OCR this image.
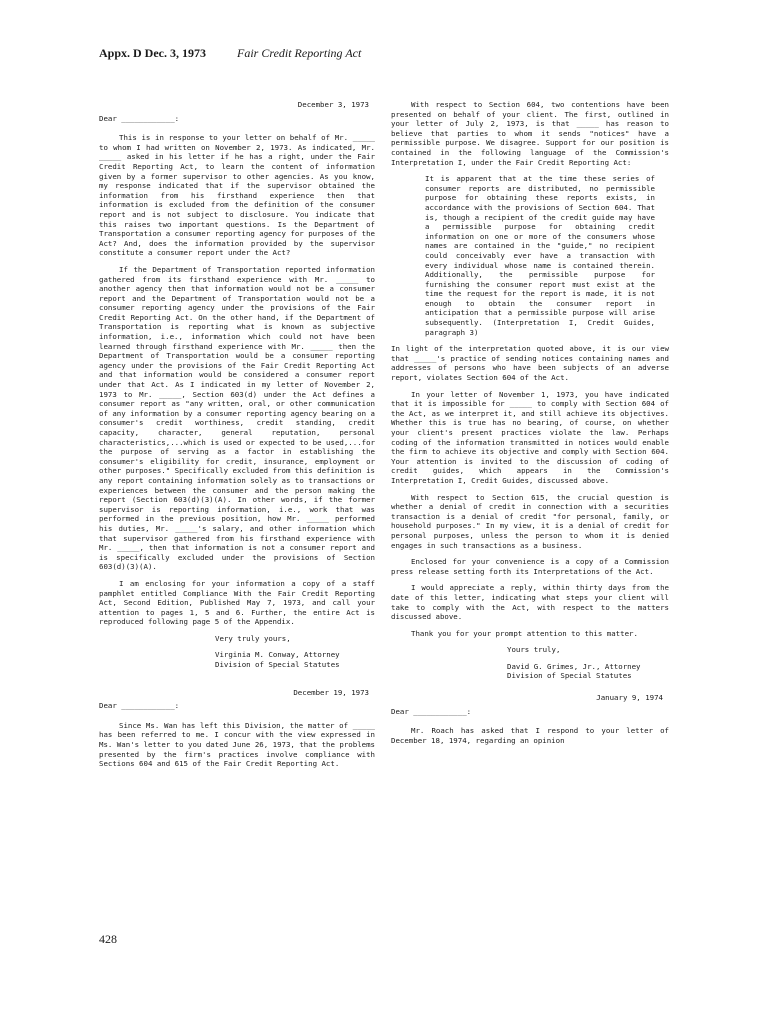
Appx. D Dec. 3, 1973	Fair Credit Reporting Act
December 3, 1973
Dear ____________:

This is in response to your letter on behalf of Mr. _____ to whom I had written on November 2, 1973. As indicated, Mr. _____ asked in his letter if he has a right, under the Fair Credit Reporting Act, to learn the content of information given by a former supervisor to other agencies. As you know, my response indicated that if the supervisor obtained the information from his firsthand experience then that information is excluded from the definition of the consumer report and is not subject to disclosure. You indicate that this raises two important questions. Is the Department of Transportation a consumer reporting agency for purposes of the Act? And, does the information provided by the supervisor constitute a consumer report under the Act?

If the Department of Transportation reported information gathered from its firsthand experience with Mr. _____ to another agency then that information would not be a consumer report and the Department of Transportation would not be a consumer reporting agency under the provisions of the Fair Credit Reporting Act. On the other hand, if the Department of Transportation is reporting what is known as subjective information, i.e., information which could not have been learned through firsthand experience with Mr. _____ then the Department of Transportation would be a consumer reporting agency under the provisions of the Fair Credit Reporting Act and that information would be considered a consumer report under that Act. As I indicated in my letter of November 2, 1973 to Mr. _____, Section 603(d) under the Act defines a consumer report as "any written, oral, or other communication of any information by a consumer reporting agency bearing on a consumer's credit worthiness, credit standing, credit capacity, character, general reputation, personal characteristics,...which is used or expected to be used,...for the purpose of serving as a factor in establishing the consumer's eligibility for credit, insurance, employment or other purposes." Specifically excluded from this definition is any report containing information solely as to transactions or experiences between the consumer and the person making the report (Section 603(d)(3)(A). In other words, if the former supervisor is reporting information, i.e., work that was performed in the previous position, how Mr. _____ performed his duties, Mr. _____'s salary, and other information which that supervisor gathered from his firsthand experience with Mr. _____, then that information is not a consumer report and is specifically excluded under the provisions of Section 603(d)(3)(A).

I am enclosing for your information a copy of a staff pamphlet entitled Compliance With the Fair Credit Reporting Act, Second Edition, Published May 7, 1973, and call your attention to pages 1, 5 and 6. Further, the entire Act is reproduced following page 5 of the Appendix.

Very truly yours,
Virginia M. Conway, Attorney
Division of Special Statutes
December 19, 1973
Dear ____________:

Since Ms. Wan has left this Division, the matter of _____ has been referred to me. I concur with the view expressed in Ms. Wan's letter to you dated June 26, 1973, that the problems presented by the firm's practices involve compliance with Sections 604 and 615 of the Fair Credit Reporting Act.

With respect to Section 604, two contentions have been presented on behalf of your client. The first, outlined in your letter of July 2, 1973, is that _____ has reason to believe that parties to whom it sends "notices" have a permissible purpose. We disagree. Support for our position is contained in the following language of the Commission's Interpretation I, under the Fair Credit Reporting Act:

It is apparent that at the time these series of consumer reports are distributed, no permissible purpose for obtaining these reports exists, in accordance with the provisions of Section 604. That is, though a recipient of the credit guide may have a permissible purpose for obtaining credit information on one or more of the consumers whose names are contained in the "guide," no recipient could conceivably ever have a transaction with every individual whose name is contained therein. Additionally, the permissible purpose for furnishing the consumer report must exist at the time the request for the report is made, it is not enough to obtain the consumer report in anticipation that a permissible purpose will arise subsequently. (Interpretation I, Credit Guides, paragraph 3)

In light of the interpretation quoted above, it is our view that _____'s practice of sending notices containing names and addresses of persons who have been subjects of an adverse report, violates Section 604 of the Act.

In your letter of November 1, 1973, you have indicated that it is impossible for _____ to comply with Section 604 of the Act, as we interpret it, and still achieve its objectives. Whether this is true has no bearing, of course, on whether your client's present practices violate the law. Perhaps coding of the information transmitted in notices would enable the firm to achieve its objective and comply with Section 604. Your attention is invited to the discussion of coding of credit guides, which appears in the Commission's Interpretation I, Credit Guides, discussed above.

With respect to Section 615, the crucial question is whether a denial of credit in connection with a securities transaction is a denial of credit "for personal, family, or household purposes." In my view, it is a denial of credit for personal purposes, unless the person to whom it is denied engages in such transactions as a business.

Enclosed for your convenience is a copy of a Commission press release setting forth its Interpretations of the Act.

I would appreciate a reply, within thirty days from the date of this letter, indicating what steps your client will take to comply with the Act, with respect to the matters discussed above.

Thank you for your prompt attention to this matter.

Yours truly,
David G. Grimes, Jr., Attorney
Division of Special Statutes
January 9, 1974
Dear ____________:

Mr. Roach has asked that I respond to your letter of December 18, 1974, regarding an opinion

428
